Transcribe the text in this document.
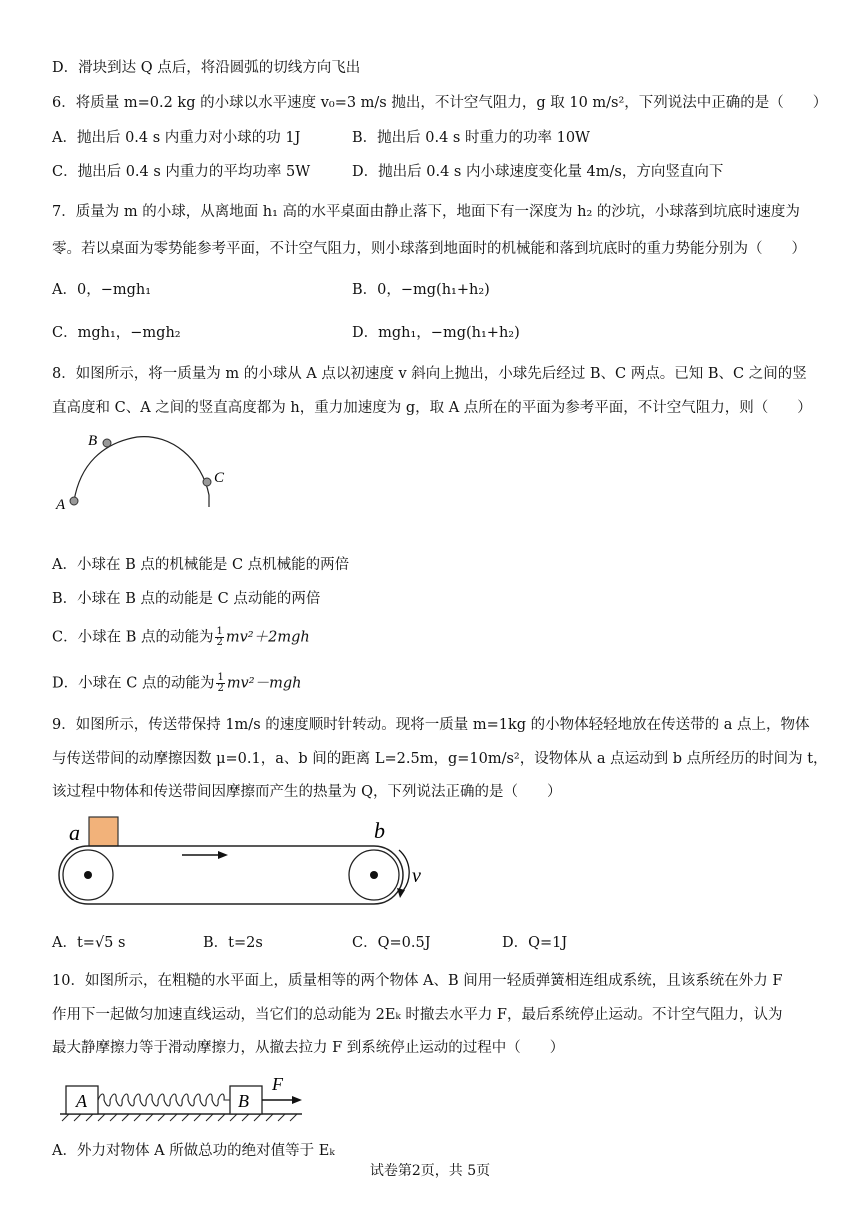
D．滑块到达 Q 点后，将沿圆弧的切线方向飞出
6．将质量 m=0.2 kg 的小球以水平速度 v₀=3 m/s 抛出，不计空气阻力，g 取 10 m/s²，下列说法中正确的是（　　）
A．抛出后 0.4 s 内重力对小球的功 1J	B．抛出后 0.4 s 时重力的功率 10W
C．抛出后 0.4 s 内重力的平均功率 5W	D．抛出后 0.4 s 内小球速度变化量 4m/s，方向竖直向下
7．质量为 m 的小球，从离地面 h₁ 高的水平桌面由静止落下，地面下有一深度为 h₂ 的沙坑，小球落到坑底时速度为
零。若以桌面为零势能参考平面，不计空气阻力，则小球落到地面时的机械能和落到坑底时的重力势能分别为（　　）
A．0，−mgh₁	B．0，−mg(h₁+h₂)
C．mgh₁，−mgh₂	D．mgh₁，−mg(h₁+h₂)
8．如图所示，将一质量为 m 的小球从 A 点以初速度 v 斜向上抛出，小球先后经过 B、C 两点。已知 B、C 之间的竖
直高度和 C、A 之间的竖直高度都为 h，重力加速度为 g，取 A 点所在的平面为参考平面，不计空气阻力，则（　　）
A
B
C
A．小球在 B 点的机械能是 C 点机械能的两倍
B．小球在 B 点的动能是 C 点动能的两倍
C．小球在 B 点的动能为 $\frac{1}{2} mv^2+2mgh$
D．小球在 C 点的动能为 $\frac{1}{2} mv^2-mgh$
9．如图所示，传送带保持 1m/s 的速度顺时针转动。现将一质量 m=1kg 的小物体轻轻地放在传送带的 a 点上，物体
与传送带间的动摩擦因数 μ=0.1，a、b 间的距离 L=2.5m，g=10m/s²，设物体从 a 点运动到 b 点所经历的时间为 t，
该过程中物体和传送带间因摩擦而产生的热量为 Q，下列说法正确的是（　　）
a	b
v
A．t=√5 s	B．t=2s	C．Q=0.5J	D．Q=1J
10．如图所示，在粗糙的水平面上，质量相等的两个物体 A、B 间用一轻质弹簧相连组成系统，且该系统在外力 F
作用下一起做匀加速直线运动，当它们的总动能为 2Eₖ 时撤去水平力 F，最后系统停止运动。不计空气阻力，认为
最大静摩擦力等于滑动摩擦力，从撤去拉力 F 到系统停止运动的过程中（　　）
A	B
F
A．外力对物体 A 所做总功的绝对值等于 Eₖ
试卷第2页，共 5页
